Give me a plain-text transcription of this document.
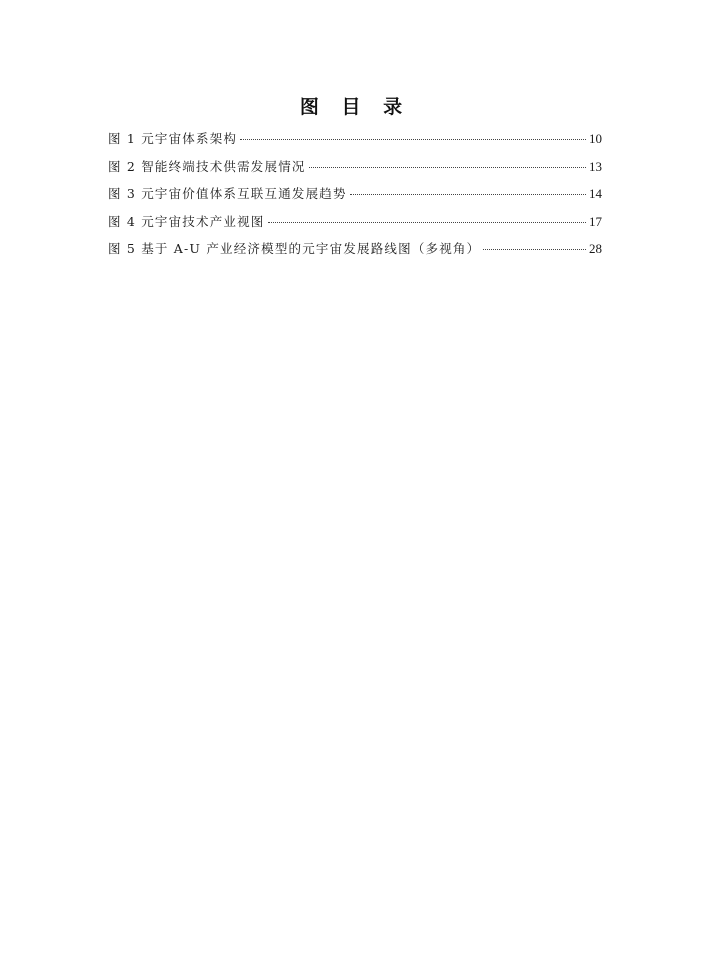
图 目 录
图 1 元宇宙体系架构	10
图 2 智能终端技术供需发展情况	13
图 3 元宇宙价值体系互联互通发展趋势	14
图 4 元宇宙技术产业视图	17
图 5 基于 A-U 产业经济模型的元宇宙发展路线图（多视角）	28
